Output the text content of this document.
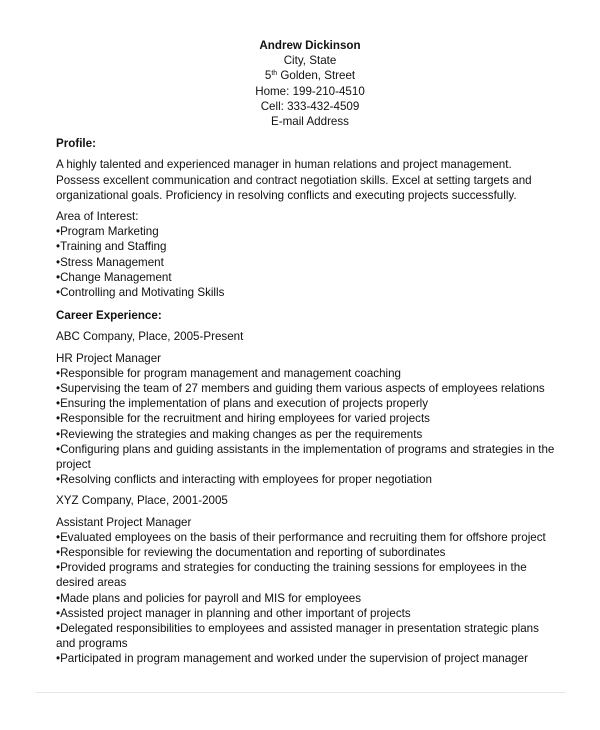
Andrew Dickinson
City, State
5th Golden, Street
Home: 199-210-4510
Cell: 333-432-4509
E-mail Address
Profile:

A highly talented and experienced manager in human relations and project management. Possess excellent communication and contract negotiation skills. Excel at setting targets and organizational goals. Proficiency in resolving conflicts and executing projects successfully.

Area of Interest:

• Program Marketing
• Training and Staffing
• Stress Management
• Change Management
• Controlling and Motivating Skills
Career Experience:

ABC Company, Place, 2005-Present

HR Project Manager

• Responsible for program management and management coaching
• Supervising the team of 27 members and guiding them various aspects of employees relations
• Ensuring the implementation of plans and execution of projects properly
• Responsible for the recruitment and hiring employees for varied projects
• Reviewing the strategies and making changes as per the requirements
• Configuring plans and guiding assistants in the implementation of programs and strategies in the project
• Resolving conflicts and interacting with employees for proper negotiation

XYZ Company, Place, 2001-2005

Assistant Project Manager

• Evaluated employees on the basis of their performance and recruiting them for offshore project
• Responsible for reviewing the documentation and reporting of subordinates
• Provided programs and strategies for conducting the training sessions for employees in the desired areas
• Made plans and policies for payroll and MIS for employees
• Assisted project manager in planning and other important of projects
• Delegated responsibilities to employees and assisted manager in presentation strategic plans and programs
• Participated in program management and worked under the supervision of project manager
